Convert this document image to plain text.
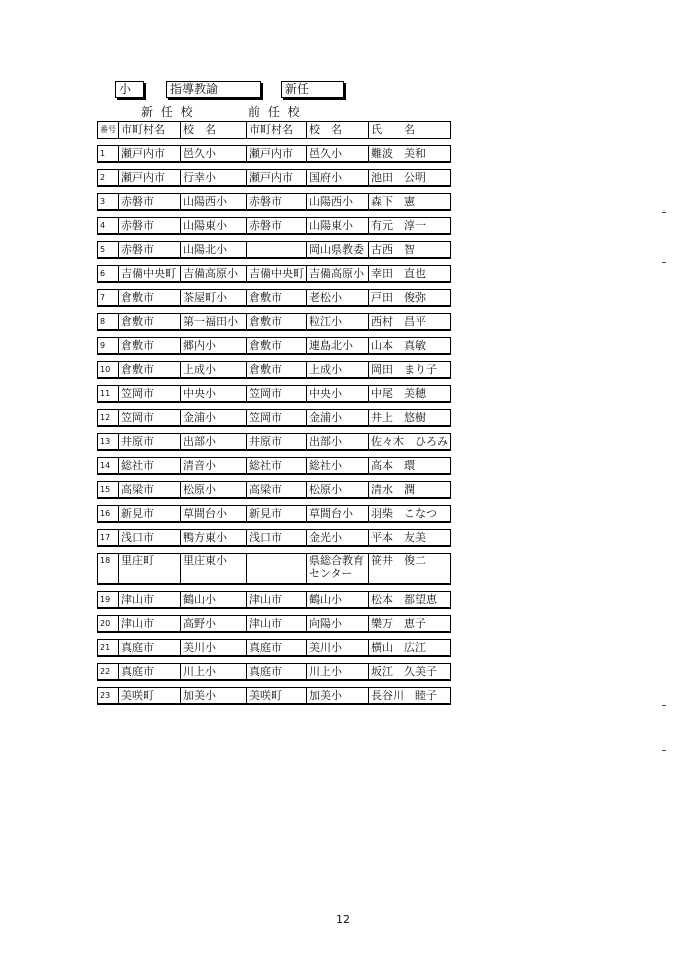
小	指導教諭	新任
新 任 校	前 任 校
番号	市町村名	校　名	市町村名	校　名	氏　　名

1	瀬戸内市	邑久小	瀬戸内市	邑久小	難波　美和

2	瀬戸内市	行幸小	瀬戸内市	国府小	池田　公明

3	赤磐市	山陽西小	赤磐市	山陽西小	森下　憲

4	赤磐市	山陽東小	赤磐市	山陽東小	有元　淳一

5	赤磐市	山陽北小		岡山県教委	古西　智

6	吉備中央町	吉備高原小	吉備中央町	吉備高原小	幸田　直也

7	倉敷市	茶屋町小	倉敷市	老松小	戸田　俊弥

8	倉敷市	第一福田小	倉敷市	粒江小	西村　昌平

9	倉敷市	郷内小	倉敷市	連島北小	山本　真敏

10	倉敷市	上成小	倉敷市	上成小	岡田　まり子

11	笠岡市	中央小	笠岡市	中央小	中尾　美穂

12	笠岡市	金浦小	笠岡市	金浦小	井上　悠樹

13	井原市	出部小	井原市	出部小	佐々木　ひろみ

14	総社市	清音小	総社市	総社小	高本　環

15	高梁市	松原小	高梁市	松原小	清水　潤

16	新見市	草間台小	新見市	草間台小	羽柴　こなつ

17	浅口市	鴨方東小	浅口市	金光小	平本　友美

18	里庄町	里庄東小		県総合教育センター	笹井　俊二

19	津山市	鶴山小	津山市	鶴山小	松本　都望恵

20	津山市	高野小	津山市	向陽小	樂万　恵子

21	真庭市	美川小	真庭市	美川小	横山　広江

22	真庭市	川上小	真庭市	川上小	坂江　久美子

23	美咲町	加美小	美咲町	加美小	長谷川　睦子
12
